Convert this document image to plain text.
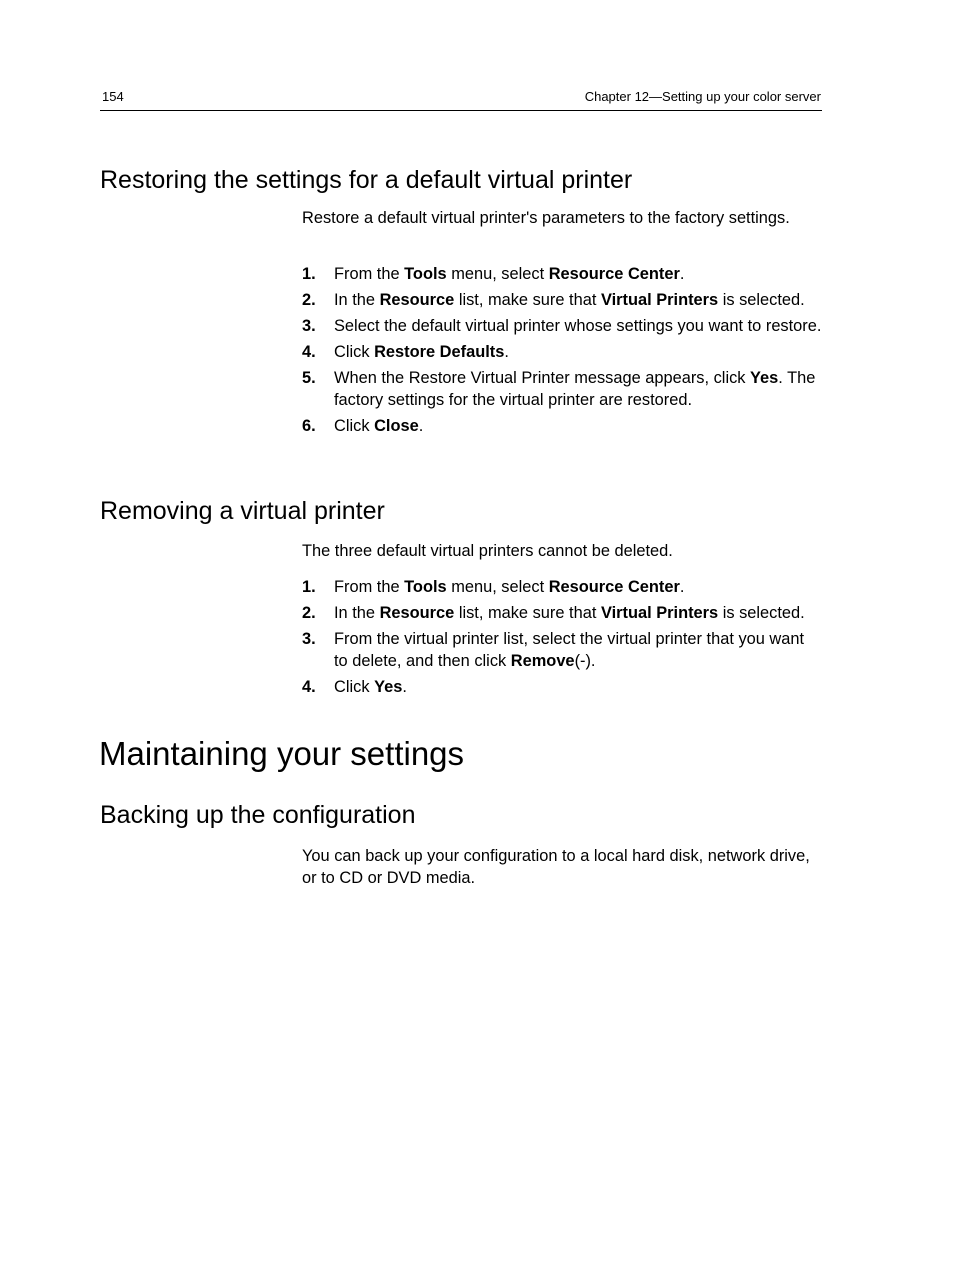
154	Chapter 12—Setting up your color server
Restoring the settings for a default virtual printer

Restore a default virtual printer's parameters to the factory settings.

1. From the Tools menu, select Resource Center.
2. In the Resource list, make sure that Virtual Printers is selected.
3. Select the default virtual printer whose settings you want to restore.
4. Click Restore Defaults.
5. When the Restore Virtual Printer message appears, click Yes. The factory settings for the virtual printer are restored.
6. Click Close.
Removing a virtual printer

The three default virtual printers cannot be deleted.

1. From the Tools menu, select Resource Center.
2. In the Resource list, make sure that Virtual Printers is selected.
3. From the virtual printer list, select the virtual printer that you want to delete, and then click Remove(-).
4. Click Yes.
Maintaining your settings
Backing up the configuration

You can back up your configuration to a local hard disk, network drive, or to CD or DVD media.
